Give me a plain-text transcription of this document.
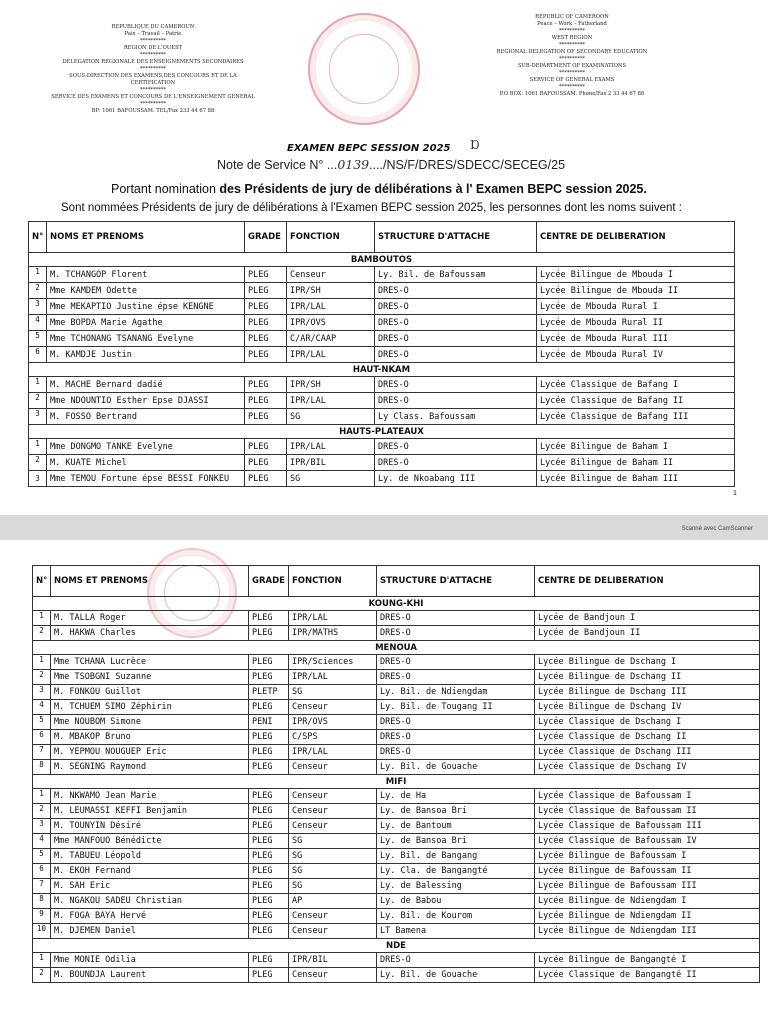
REPUBLIQUE DU CAMEROUN
Paix – Travail – Patrie
**********
REGION DE L'OUEST
**********
DELEGATION REGIONALE DES ENSEIGNEMENTS SECONDAIRES
**********
SOUS-DIRECTION DES EXAMENS,DES CONCOURS ET DE LA
CERTIFICATION
**********
SERVICE DES EXAMENS ET CONCOURS DE L'ENSEIGNEMENT GENERAL
**********
BP: 1061 BAFOUSSAM. TEL/Fax 233 44 67 88
REPUBLIC OF CAMEROON
Peace – Work – Fatherland
**********
WEST REGION
**********
REGIONAL DELEGATION OF SECONDARY EDUCATION
**********
SUB-DEPARTMENT OF EXAMINATIONS
**********
SERVICE OF GENERAL EXAMS
**********
P.O BOX: 1061 BAFOUSSAM. Phone/Fax 2 33 44 67 88
EXAMEN BEPC SESSION 2025 Ɒ
Note de Service N° ...0139..../NS/F/DRES/SDECC/SECEG/25
Portant nomination des Présidents de jury de délibérations à l' Examen BEPC session 2025.
Sont nommées Présidents de jury de délibérations à l'Examen BEPC session 2025, les personnes dont les noms suivent :
N°	NOMS ET PRENOMS	GRADE	FONCTION	STRUCTURE D'ATTACHE	CENTRE DE DELIBERATION
BAMBOUTOS					
1	M. TCHANGOP Florent	PLEG	Censeur	Ly. Bil. de Bafoussam	Lycée Bilingue de Mbouda I
2	Mme KAMDEM Odette	PLEG	IPR/SH	DRES-O	Lycée Bilingue de Mbouda II
3	Mme MEKAPTIO Justine épse KENGNE	PLEG	IPR/LAL	DRES-O	Lycée de Mbouda Rural I
4	Mme BOPDA Marie Agathe	PLEG	IPR/OVS	DRES-O	Lycée de Mbouda Rural II
5	Mme TCHONANG TSANANG Evelyne	PLEG	C/AR/CAAP	DRES-O	Lycée de Mbouda Rural III
6	M. KAMDJE Justin	PLEG	IPR/LAL	DRES-O	Lycée de Mbouda Rural IV
HAUT-NKAM					
1	M. MACHE Bernard dadié	PLEG	IPR/SH	DRES-O	Lycée Classique de Bafang I
2	Mme NDOUNTIO Esther Epse DJASSI	PLEG	IPR/LAL	DRES-O	Lycée Classique de Bafang II
3	M. FOSSO Bertrand	PLEG	SG	Ly Class. Bafoussam	Lycée Classique de Bafang III
HAUTS-PLATEAUX					
1	Mme DONGMO TANKE Evelyne	PLEG	IPR/LAL	DRES-O	Lycée Bilingue de Baham I
2	M. KUATE Michel	PLEG	IPR/BIL	DRES-O	Lycée Bilingue de Baham II
3	Mme TEMOU Fortune épse BESSI FONKEU	PLEG	SG	Ly. de Nkoabang III	Lycée Bilingue de Baham III
1
Scanné avec CamScanner
N°	NOMS ET PRENOMS	GRADE	FONCTION	STRUCTURE D'ATTACHE	CENTRE DE DELIBERATION
KOUNG-KHI					
1	M. TALLA Roger	PLEG	IPR/LAL	DRES-O	Lycée de Bandjoun I
2	M. HAKWA Charles	PLEG	IPR/MATHS	DRES-O	Lycée de Bandjoun II
MENOUA					
1	Mme TCHANA Lucrèce	PLEG	IPR/Sciences	DRES-O	Lycée Bilingue de Dschang I
2	Mme TSOBGNI Suzanne	PLEG	IPR/LAL	DRES-O	Lycée Bilingue de Dschang II
3	M. FONKOU Guillot	PLETP	SG	Ly. Bil. de Ndiengdam	Lycée Bilingue de Dschang III
4	M. TCHUEM SIMO Zéphirin	PLEG	Censeur	Ly. Bil. de Tougang II	Lycée Bilingue de Dschang IV
5	Mme NOUBOM Simone	PENI	IPR/OVS	DRES-O	Lycée Classique de Dschang I
6	M. MBAKOP Bruno	PLEG	C/SPS	DRES-O	Lycée Classique de Dschang II
7	M. YEPMOU NOUGUEP Eric	PLEG	IPR/LAL	DRES-O	Lycée Classique de Dschang III
8	M. SEGNING Raymond	PLEG	Censeur	Ly. Bil. de Gouache	Lycée Classique de Dschang IV
MIFI					
1	M. NKWAMO Jean Marie	PLEG	Censeur	Ly. de Ha	Lycée Classique de Bafoussam I
2	M. LEUMASSI KEFFI Benjamin	PLEG	Censeur	Ly. de Bansoa Bri	Lycée Classique de Bafoussam II
3	M. TOUNYIN Désiré	PLEG	Censeur	Ly. de Bantoum	Lycée Classique de Bafoussam III
4	Mme MANFOUO Bénédicte	PLEG	SG	Ly. de Bansoa Bri	Lycée Classique de Bafoussam IV
5	M. TABUEU Léopold	PLEG	SG	Ly. Bil. de Bangang	Lycée Bilingue de Bafoussam I
6	M. EKOH Fernand	PLEG	SG	Ly. Cla. de Bangangté	Lycée Bilingue de Bafoussam II
7	M. SAH Eric	PLEG	SG	Ly. de Balessing	Lycée Bilingue de Bafoussam III
8	M. NGAKOU SADEU Christian	PLEG	AP	Ly. de Babou	Lycée Bilingue de Ndiengdam I
9	M. FOGA BAYA Hervé	PLEG	Censeur	Ly. Bil. de Kourom	Lycée Bilingue de Ndiengdam II
10	M. DJEMEN Daniel	PLEG	Censeur	LT Bamena	Lycée Bilingue de Ndiengdam III
NDE					
1	Mme MONIE Odilia	PLEG	IPR/BIL	DRES-O	Lycée Bilingue de Bangangté I
2	M. BOUNDJA Laurent	PLEG	Censeur	Ly. Bil. de Gouache	Lycée Classique de Bangangté II
